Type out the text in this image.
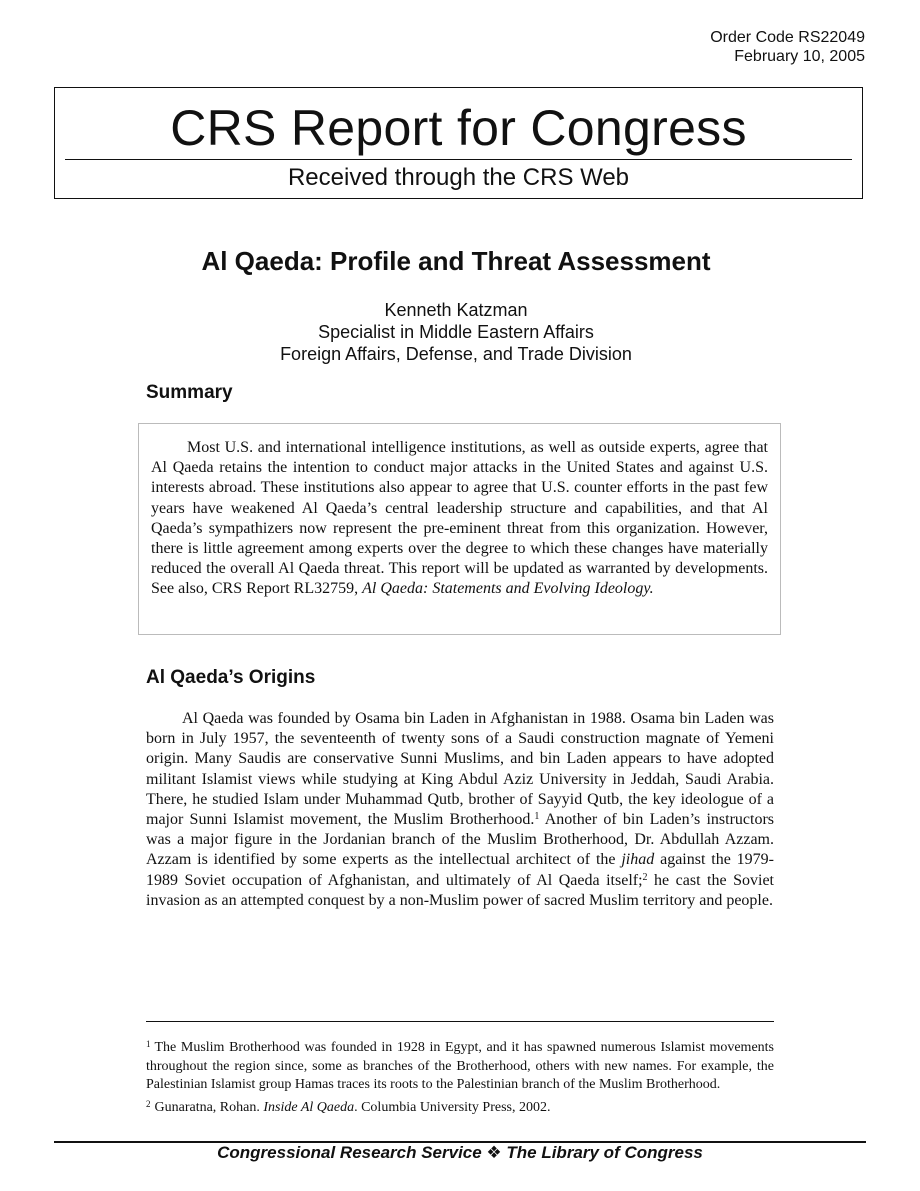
Order Code RS22049
February 10, 2005
CRS Report for Congress
Received through the CRS Web
Al Qaeda: Profile and Threat Assessment
Kenneth Katzman
Specialist in Middle Eastern Affairs
Foreign Affairs, Defense, and Trade Division
Summary

Most U.S. and international intelligence institutions, as well as outside experts, agree that Al Qaeda retains the intention to conduct major attacks in the United States and against U.S. interests abroad. These institutions also appear to agree that U.S. counter efforts in the past few years have weakened Al Qaeda’s central leadership structure and capabilities, and that Al Qaeda’s sympathizers now represent the pre-eminent threat from this organization. However, there is little agreement among experts over the degree to which these changes have materially reduced the overall Al Qaeda threat. This report will be updated as warranted by developments. See also, CRS Report RL32759, Al Qaeda: Statements and Evolving Ideology.

Al Qaeda’s Origins

Al Qaeda was founded by Osama bin Laden in Afghanistan in 1988. Osama bin Laden was born in July 1957, the seventeenth of twenty sons of a Saudi construction magnate of Yemeni origin. Many Saudis are conservative Sunni Muslims, and bin Laden appears to have adopted militant Islamist views while studying at King Abdul Aziz University in Jeddah, Saudi Arabia. There, he studied Islam under Muhammad Qutb, brother of Sayyid Qutb, the key ideologue of a major Sunni Islamist movement, the Muslim Brotherhood.$^1$ Another of bin Laden’s instructors was a major figure in the Jordanian branch of the Muslim Brotherhood, Dr. Abdullah Azzam. Azzam is identified by some experts as the intellectual architect of the jihad against the 1979-1989 Soviet occupation of Afghanistan, and ultimately of Al Qaeda itself;$^2$ he cast the Soviet invasion as an attempted conquest by a non-Muslim power of sacred Muslim territory and people.

$^1$ The Muslim Brotherhood was founded in 1928 in Egypt, and it has spawned numerous Islamist movements throughout the region since, some as branches of the Brotherhood, others with new names. For example, the Palestinian Islamist group Hamas traces its roots to the Palestinian branch of the Muslim Brotherhood.

$^2$ Gunaratna, Rohan. Inside Al Qaeda. Columbia University Press, 2002.

Congressional Research Service ❖ The Library of Congress
